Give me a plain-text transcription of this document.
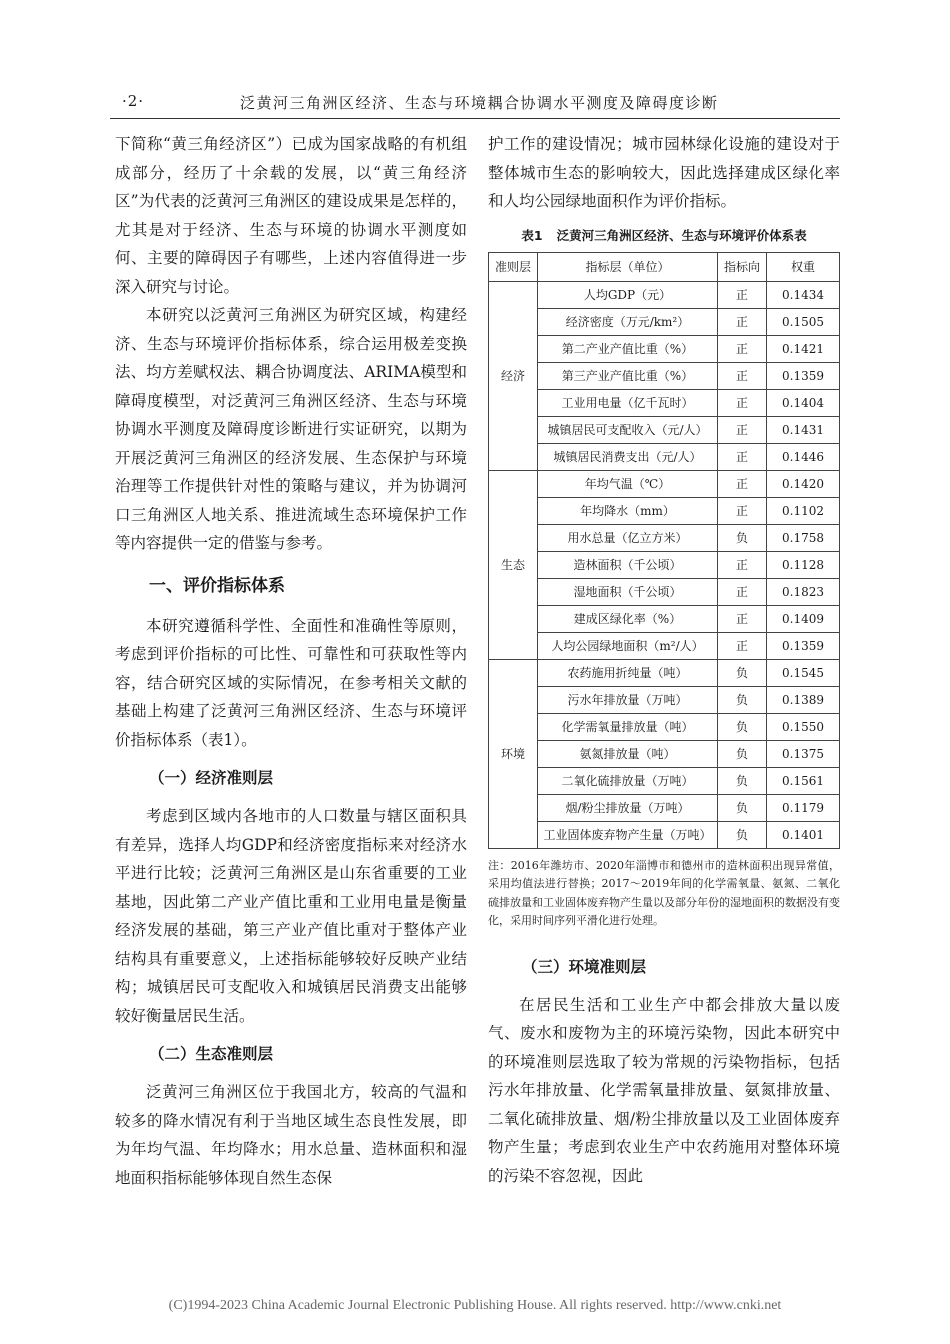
·2·	泛黄河三角洲区经济、生态与环境耦合协调水平测度及障碍度诊断

下简称“黄三角经济区”）已成为国家战略的有机组成部分，经历了十余载的发展，以“黄三角经济区”为代表的泛黄河三角洲区的建设成果是怎样的，尤其是对于经济、生态与环境的协调水平测度如何、主要的障碍因子有哪些，上述内容值得进一步深入研究与讨论。

本研究以泛黄河三角洲区为研究区域，构建经济、生态与环境评价指标体系，综合运用极差变换法、均方差赋权法、耦合协调度法、ARIMA模型和障碍度模型，对泛黄河三角洲区经济、生态与环境协调水平测度及障碍度诊断进行实证研究，以期为开展泛黄河三角洲区的经济发展、生态保护与环境治理等工作提供针对性的策略与建议，并为协调河口三角洲区人地关系、推进流域生态环境保护工作等内容提供一定的借鉴与参考。

一、评价指标体系

本研究遵循科学性、全面性和准确性等原则，考虑到评价指标的可比性、可靠性和可获取性等内容，结合研究区域的实际情况，在参考相关文献的基础上构建了泛黄河三角洲区经济、生态与环境评价指标体系（表1）。

（一）经济准则层

考虑到区域内各地市的人口数量与辖区面积具有差异，选择人均GDP和经济密度指标来对经济水平进行比较；泛黄河三角洲区是山东省重要的工业基地，因此第二产业产值比重和工业用电量是衡量经济发展的基础，第三产业产值比重对于整体产业结构具有重要意义，上述指标能够较好反映产业结构；城镇居民可支配收入和城镇居民消费支出能够较好衡量居民生活。

（二）生态准则层

泛黄河三角洲区位于我国北方，较高的气温和较多的降水情况有利于当地区域生态良性发展，即为年均气温、年均降水；用水总量、造林面积和湿地面积指标能够体现自然生态保

护工作的建设情况；城市园林绿化设施的建设对于整体城市生态的影响较大，因此选择建成区绿化率和人均公园绿地面积作为评价指标。

表1 泛黄河三角洲区经济、生态与环境评价体系表
准则层	指标层（单位）	指标向	权重
经济	人均GDP（元）	正	0.1434
	经济密度（万元/km²）	正	0.1505
	第二产业产值比重（%）	正	0.1421
	第三产业产值比重（%）	正	0.1359
	工业用电量（亿千瓦时）	正	0.1404
	城镇居民可支配收入（元/人）	正	0.1431
	城镇居民消费支出（元/人）	正	0.1446
生态	年均气温（℃）	正	0.1420
	年均降水（mm）	正	0.1102
	用水总量（亿立方米）	负	0.1758
	造林面积（千公顷）	正	0.1128
	湿地面积（千公顷）	正	0.1823
	建成区绿化率（%）	正	0.1409
	人均公园绿地面积（m²/人）	正	0.1359
环境	农药施用折纯量（吨）	负	0.1545
	污水年排放量（万吨）	负	0.1389
	化学需氧量排放量（吨）	负	0.1550
	氨氮排放量（吨）	负	0.1375
	二氧化硫排放量（万吨）	负	0.1561
	烟/粉尘排放量（万吨）	负	0.1179
	工业固体废弃物产生量（万吨）	负	0.1401
注：2016年潍坊市、2020年淄博市和德州市的造林面积出现异常值，采用均值法进行替换；2017～2019年间的化学需氧量、氨氮、二氧化硫排放量和工业固体废弃物产生量以及部分年份的湿地面积的数据没有变化，采用时间序列平滑化进行处理。
（三）环境准则层

在居民生活和工业生产中都会排放大量以废气、废水和废物为主的环境污染物，因此本研究中的环境准则层选取了较为常规的污染物指标，包括污水年排放量、化学需氧量排放量、氨氮排放量、二氧化硫排放量、烟/粉尘排放量以及工业固体废弃物产生量；考虑到农业生产中农药施用对整体环境的污染不容忽视，因此

(C)1994-2023 China Academic Journal Electronic Publishing House. All rights reserved. http://www.cnki.net
